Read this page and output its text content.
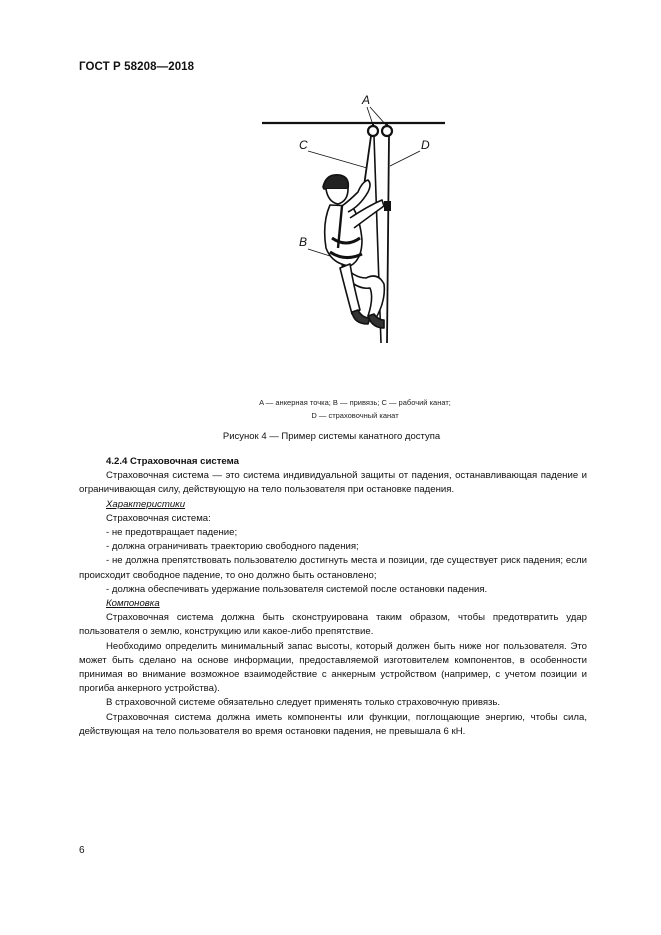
ГОСТ Р 58208—2018
A
C	D
B
A — анкерная точка; B — привязь; C — рабочий канат;
D — страховочный канат
Рисунок 4 — Пример системы канатного доступа

4.2.4 Страховочная система

Страховочная система — это система индивидуальной защиты от падения, останавливающая падение и ограничивающая силу, действующую на тело пользователя при остановке падения.

Характеристики

Страховочная система:

- не предотвращает падение;

- должна ограничивать траекторию свободного падения;

- не должна препятствовать пользователю достигнуть места и позиции, где существует риск падения; если происходит свободное падение, то оно должно быть остановлено;

- должна обеспечивать удержание пользователя системой после остановки падения.

Компоновка

Страховочная система должна быть сконструирована таким образом, чтобы предотвратить удар пользователя о землю, конструкцию или какое-либо препятствие.

Необходимо определить минимальный запас высоты, который должен быть ниже ног пользователя. Это может быть сделано на основе информации, предоставляемой изготовителем компонентов, в особенности принимая во внимание возможное взаимодействие с анкерным устройством (например, с учетом позиции и прогиба анкерного устройства).

В страховочной системе обязательно следует применять только страховочную привязь.

Страховочная система должна иметь компоненты или функции, поглощающие энергию, чтобы сила, действующая на тело пользователя во время остановки падения, не превышала 6 кН.

6
